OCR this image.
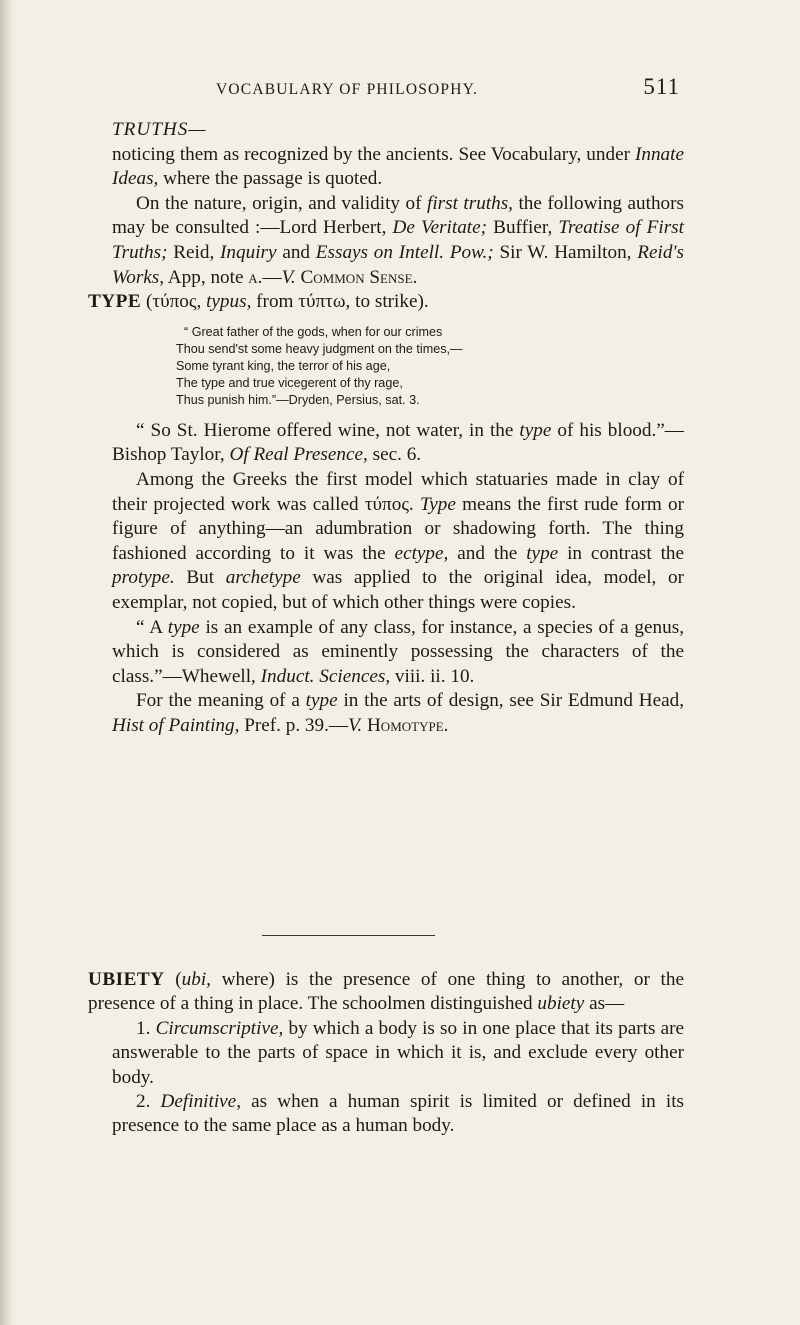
VOCABULARY OF PHILOSOPHY.	511

TRUTHS—

noticing them as recognized by the ancients. See Vocabulary, under Innate Ideas, where the passage is quoted.

On the nature, origin, and validity of first truths, the following authors may be consulted :—Lord Herbert, De Veritate; Buffier, Treatise of First Truths; Reid, Inquiry and Essays on Intell. Pow.; Sir W. Hamilton, Reid's Works, App, note a.—V. Common Sense.

TYPE (τύπος, typus, from τύπτω, to strike).

“ Great father of the gods, when for our crimes
Thou send'st some heavy judgment on the times,—
Some tyrant king, the terror of his age,
The type and true vicegerent of thy rage,
Thus punish him.”—Dryden, Persius, sat. 3.

“ So St. Hierome offered wine, not water, in the type of his blood.”—Bishop Taylor, Of Real Presence, sec. 6.

Among the Greeks the first model which statuaries made in clay of their projected work was called τύπος. Type means the first rude form or figure of anything—an adumbration or shadowing forth. The thing fashioned according to it was the ectype, and the type in contrast the protype. But archetype was applied to the original idea, model, or exemplar, not copied, but of which other things were copies.

“ A type is an example of any class, for instance, a species of a genus, which is considered as eminently possessing the characters of the class.”—Whewell, Induct. Sciences, viii. ii. 10.

For the meaning of a type in the arts of design, see Sir Edmund Head, Hist of Painting, Pref. p. 39.—V. Homotype.

UBIETY (ubi, where) is the presence of one thing to another, or the presence of a thing in place. The schoolmen distinguished ubiety as—

1. Circumscriptive, by which a body is so in one place that its parts are answerable to the parts of space in which it is, and exclude every other body.

2. Definitive, as when a human spirit is limited or defined in its presence to the same place as a human body.
